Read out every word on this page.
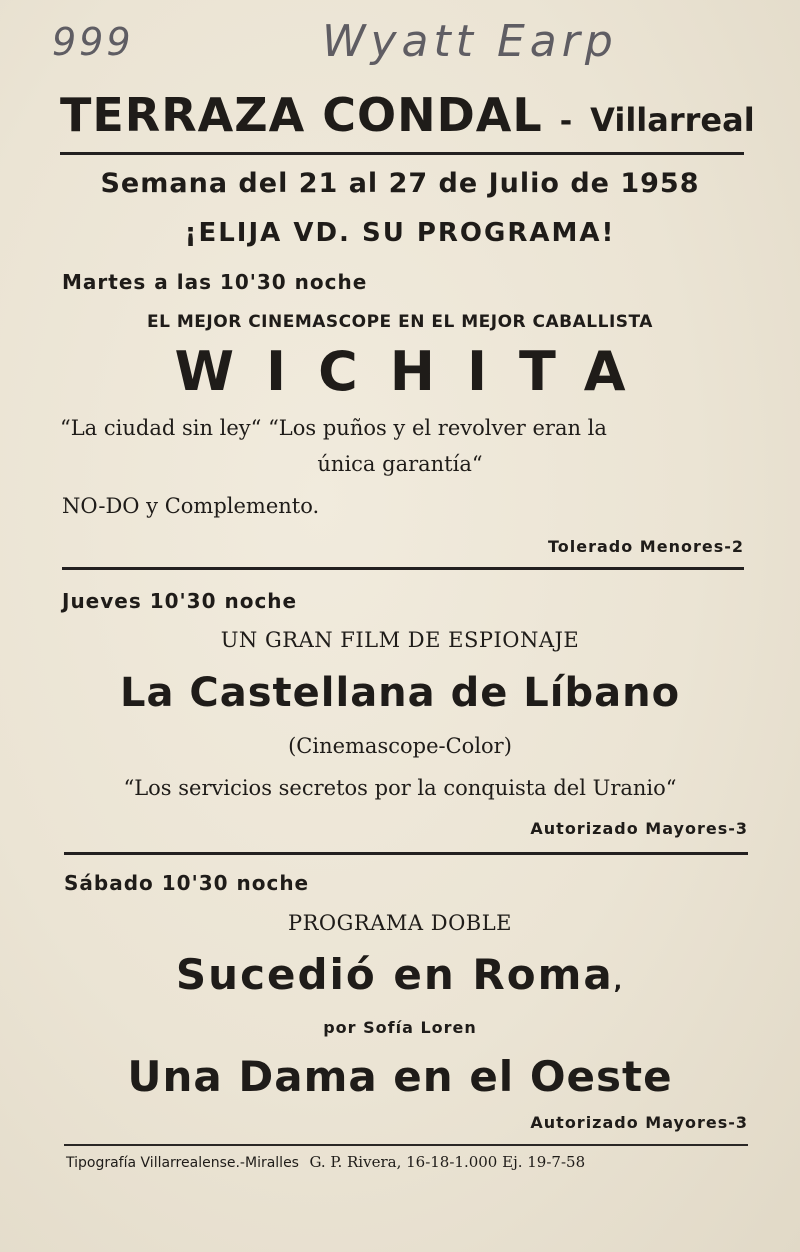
999	Wyatt Earp
TERRAZA CONDAL - Villarreal
Semana del 21 al 27 de Julio de 1958
¡ELIJA VD. SU PROGRAMA!
Martes a las 10'30 noche
EL MEJOR CINEMASCOPE EN EL MEJOR CABALLISTA
WICHITA
“La ciudad sin ley“ “Los puños y el revolver eran la
única garantía“
NO-DO y Complemento.
Tolerado Menores-2
Jueves 10'30 noche
UN GRAN FILM DE ESPIONAJE
La Castellana de Líbano
(Cinemascope-Color)
“Los servicios secretos por la conquista del Uranio“
Autorizado Mayores-3
Sábado 10'30 noche
PROGRAMA DOBLE
Sucedió en Roma,
por Sofía Loren
Una Dama en el Oeste
Autorizado Mayores-3
Tipografía Villarrealense.-Miralles G. P. Rivera, 16-18-1.000 Ej. 19-7-58
